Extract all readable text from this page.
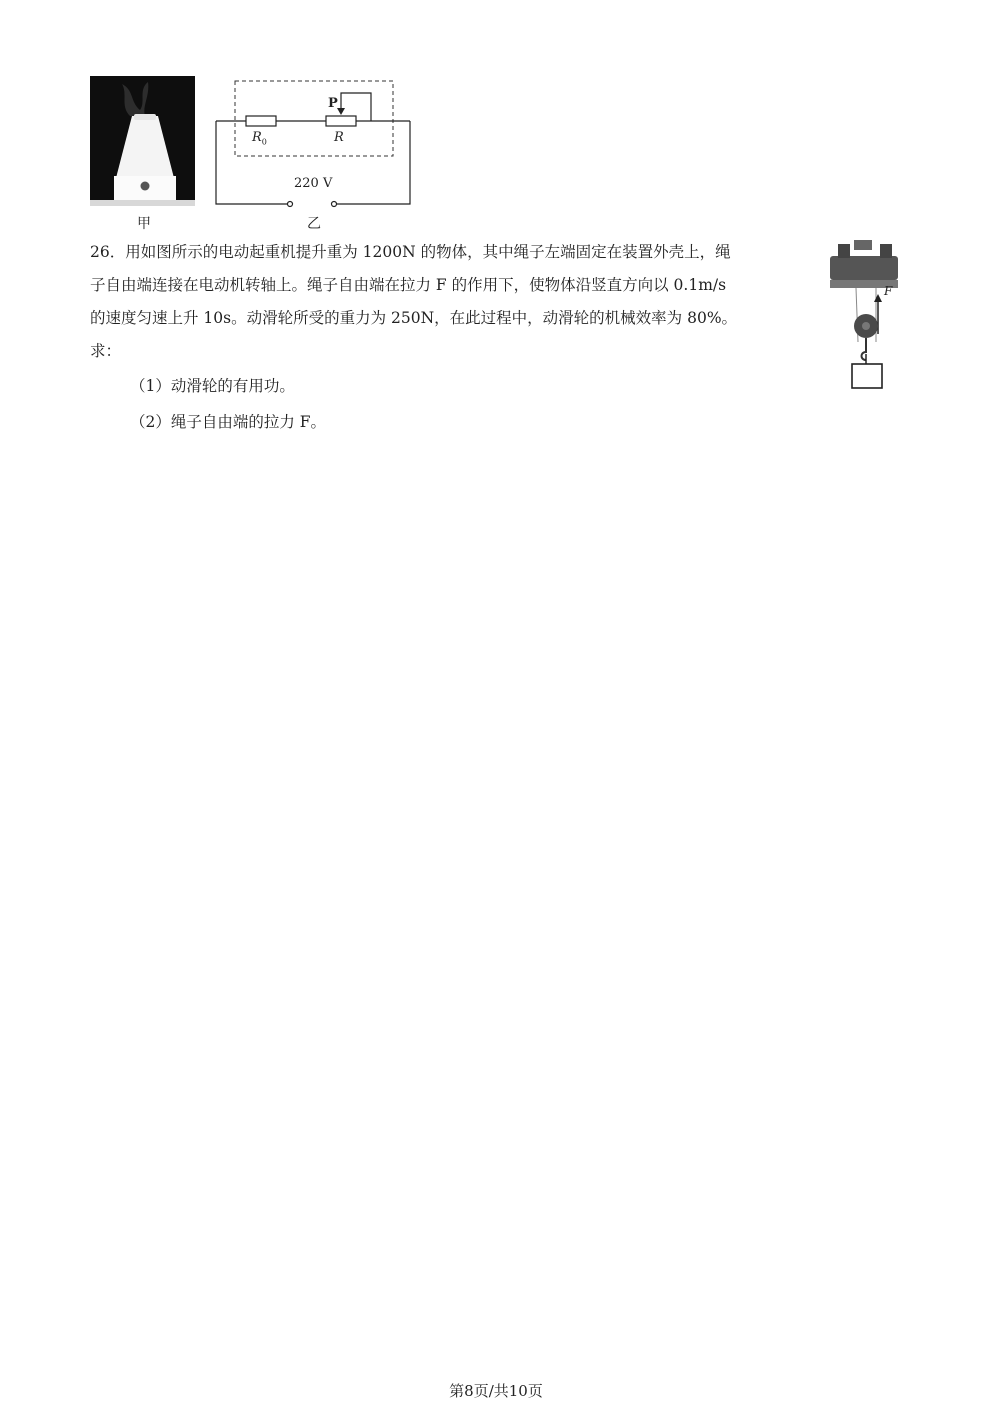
甲
P
$R_0$	R
220 V
乙

26．用如图所示的电动起重机提升重为 1200N 的物体，其中绳子左端固定在装置外壳上，绳

子自由端连接在电动机转轴上。绳子自由端在拉力 F 的作用下，使物体沿竖直方向以 0.1m/s

的速度匀速上升 10s。动滑轮所受的重力为 250N，在此过程中，动滑轮的机械效率为 80%。

求：

（1）动滑轮的有用功。
（2）绳子自由端的拉力 F。
F
第8页/共10页
